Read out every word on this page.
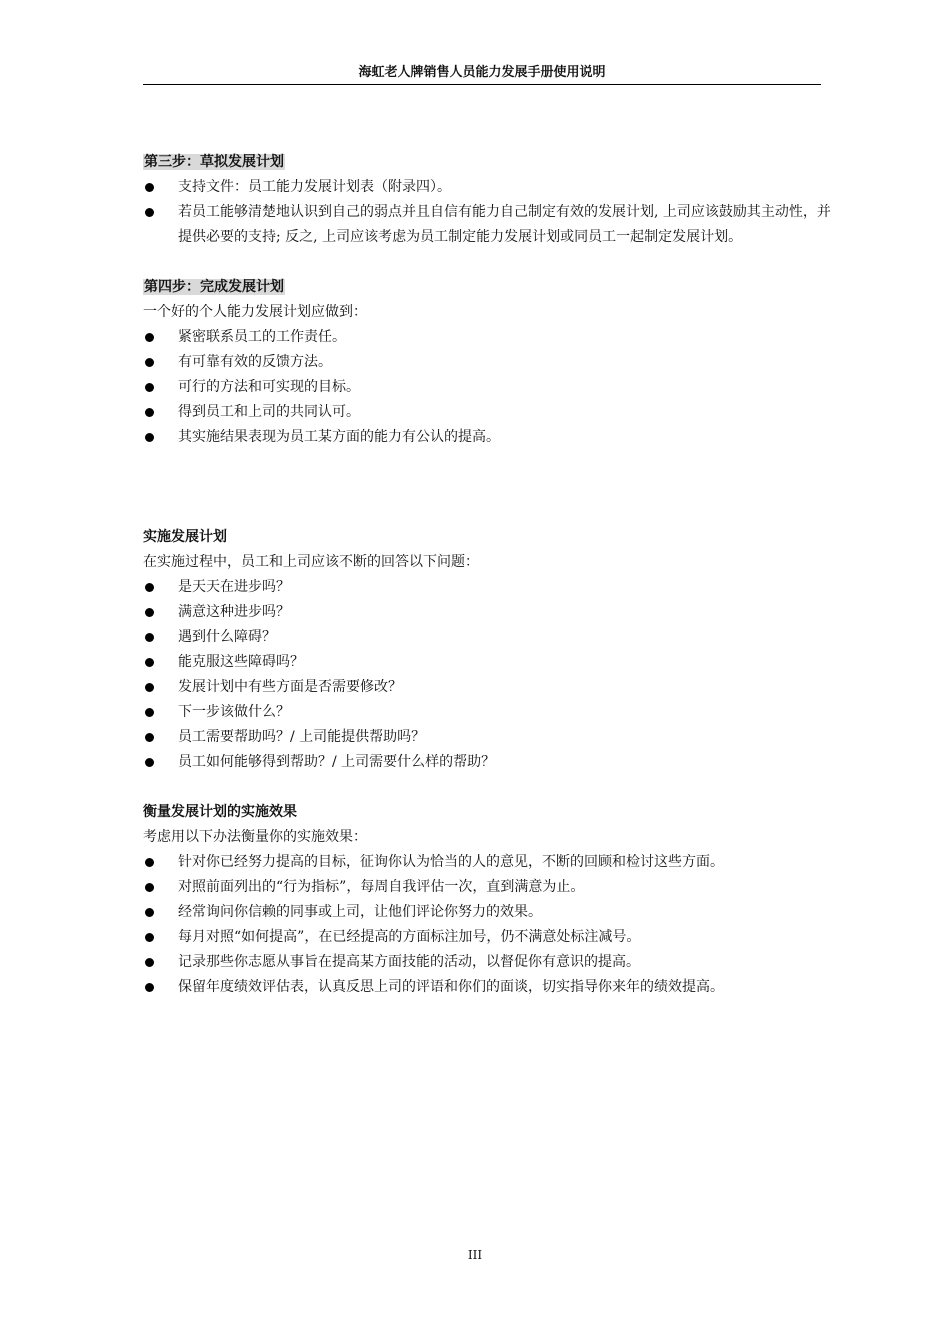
海虹老人牌销售人员能力发展手册使用说明

第三步：草拟发展计划

支持文件：员工能力发展计划表（附录四）。
若员工能够清楚地认识到自己的弱点并且自信有能力自己制定有效的发展计划, 上司应该鼓励其主动性，并提供必要的支持; 反之, 上司应该考虑为员工制定能力发展计划或同员工一起制定发展计划。

第四步：完成发展计划

一个好的个人能力发展计划应做到：

紧密联系员工的工作责任。
有可靠有效的反馈方法。
可行的方法和可实现的目标。
得到员工和上司的共同认可。
其实施结果表现为员工某方面的能力有公认的提高。

实施发展计划

在实施过程中，员工和上司应该不断的回答以下问题：

是天天在进步吗？
满意这种进步吗？
遇到什么障碍？
能克服这些障碍吗？
发展计划中有些方面是否需要修改？
下一步该做什么？
员工需要帮助吗？/ 上司能提供帮助吗？
员工如何能够得到帮助？/ 上司需要什么样的帮助？

衡量发展计划的实施效果

考虑用以下办法衡量你的实施效果：

针对你已经努力提高的目标，征询你认为恰当的人的意见，不断的回顾和检讨这些方面。
对照前面列出的“行为指标”，每周自我评估一次，直到满意为止。
经常询问你信赖的同事或上司，让他们评论你努力的效果。
每月对照“如何提高”，在已经提高的方面标注加号，仍不满意处标注减号。
记录那些你志愿从事旨在提高某方面技能的活动，以督促你有意识的提高。
保留年度绩效评估表，认真反思上司的评语和你们的面谈，切实指导你来年的绩效提高。
III
